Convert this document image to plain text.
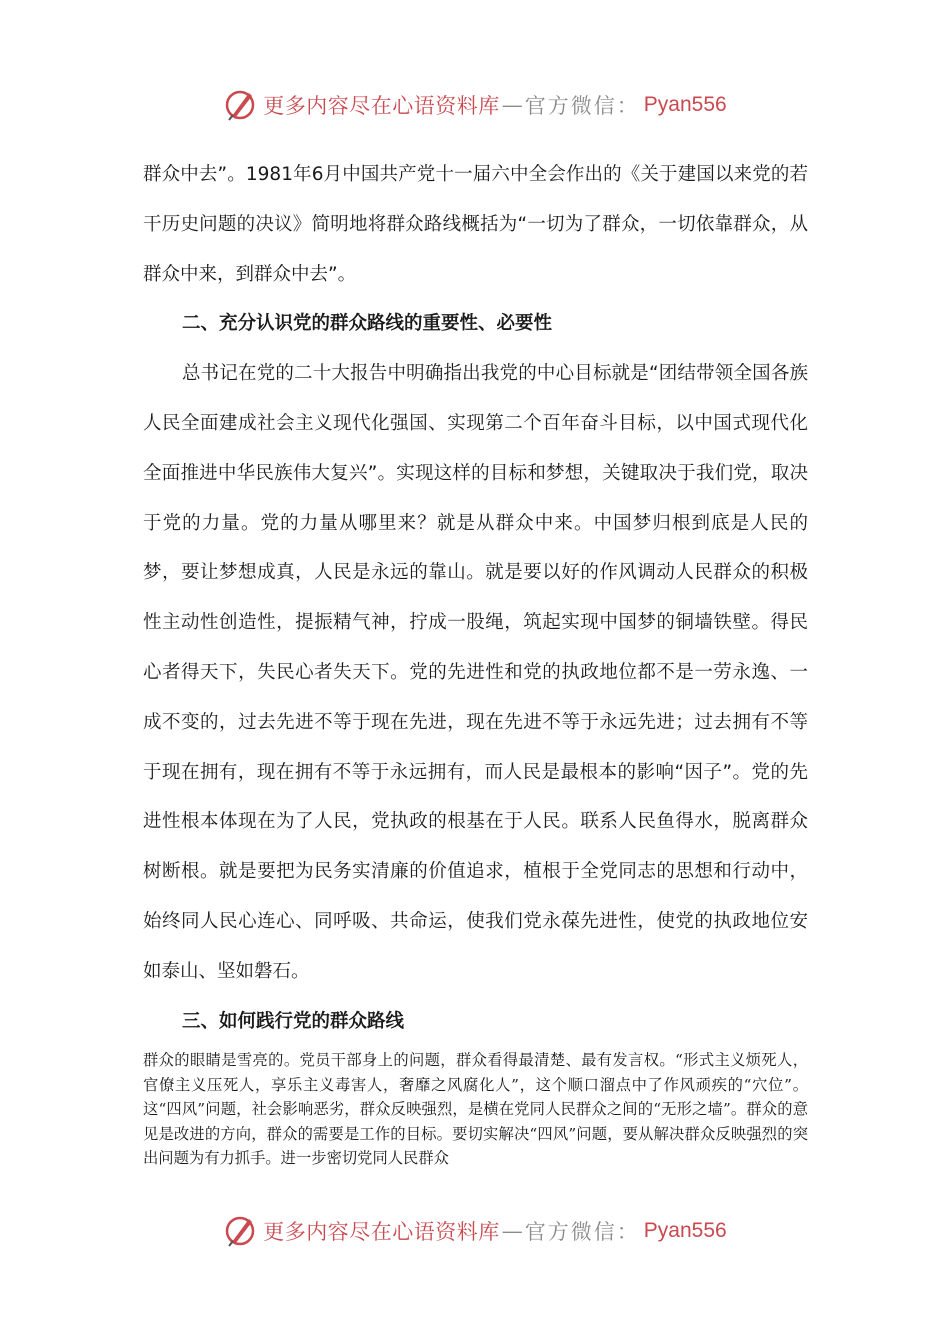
更多内容尽在心语资料库 — 官方微信： Pyan556

群众中去”。1981年6月中国共产党十一届六中全会作出的《关于建国以来党的若干历史问题的决议》简明地将群众路线概括为“一切为了群众，一切依靠群众，从群众中来，到群众中去”。

二、充分认识党的群众路线的重要性、必要性

总书记在党的二十大报告中明确指出我党的中心目标就是“团结带领全国各族人民全面建成社会主义现代化强国、实现第二个百年奋斗目标，以中国式现代化全面推进中华民族伟大复兴”。实现这样的目标和梦想，关键取决于我们党，取决于党的力量。党的力量从哪里来？就是从群众中来。中国梦归根到底是人民的梦，要让梦想成真，人民是永远的靠山。就是要以好的作风调动人民群众的积极性主动性创造性，提振精气神，拧成一股绳，筑起实现中国梦的铜墙铁壁。得民心者得天下，失民心者失天下。党的先进性和党的执政地位都不是一劳永逸、一成不变的，过去先进不等于现在先进，现在先进不等于永远先进；过去拥有不等于现在拥有，现在拥有不等于永远拥有，而人民是最根本的影响“因子”。党的先进性根本体现在为了人民，党执政的根基在于人民。联系人民鱼得水，脱离群众树断根。就是要把为民务实清廉的价值追求，植根于全党同志的思想和行动中，始终同人民心连心、同呼吸、共命运，使我们党永葆先进性，使党的执政地位安如泰山、坚如磐石。

三、如何践行党的群众路线

群众的眼睛是雪亮的。党员干部身上的问题，群众看得最清楚、最有发言权。“形式主义烦死人，官僚主义压死人，享乐主义毒害人，奢靡之风腐化人”，这个顺口溜点中了作风顽疾的“穴位”。这“四风”问题，社会影响恶劣，群众反映强烈，是横在党同人民群众之间的“无形之墙”。群众的意见是改进的方向，群众的需要是工作的目标。要切实解决“四风”问题，要从解决群众反映强烈的突出问题为有力抓手。进一步密切党同人民群众

更多内容尽在心语资料库 — 官方微信： Pyan556
